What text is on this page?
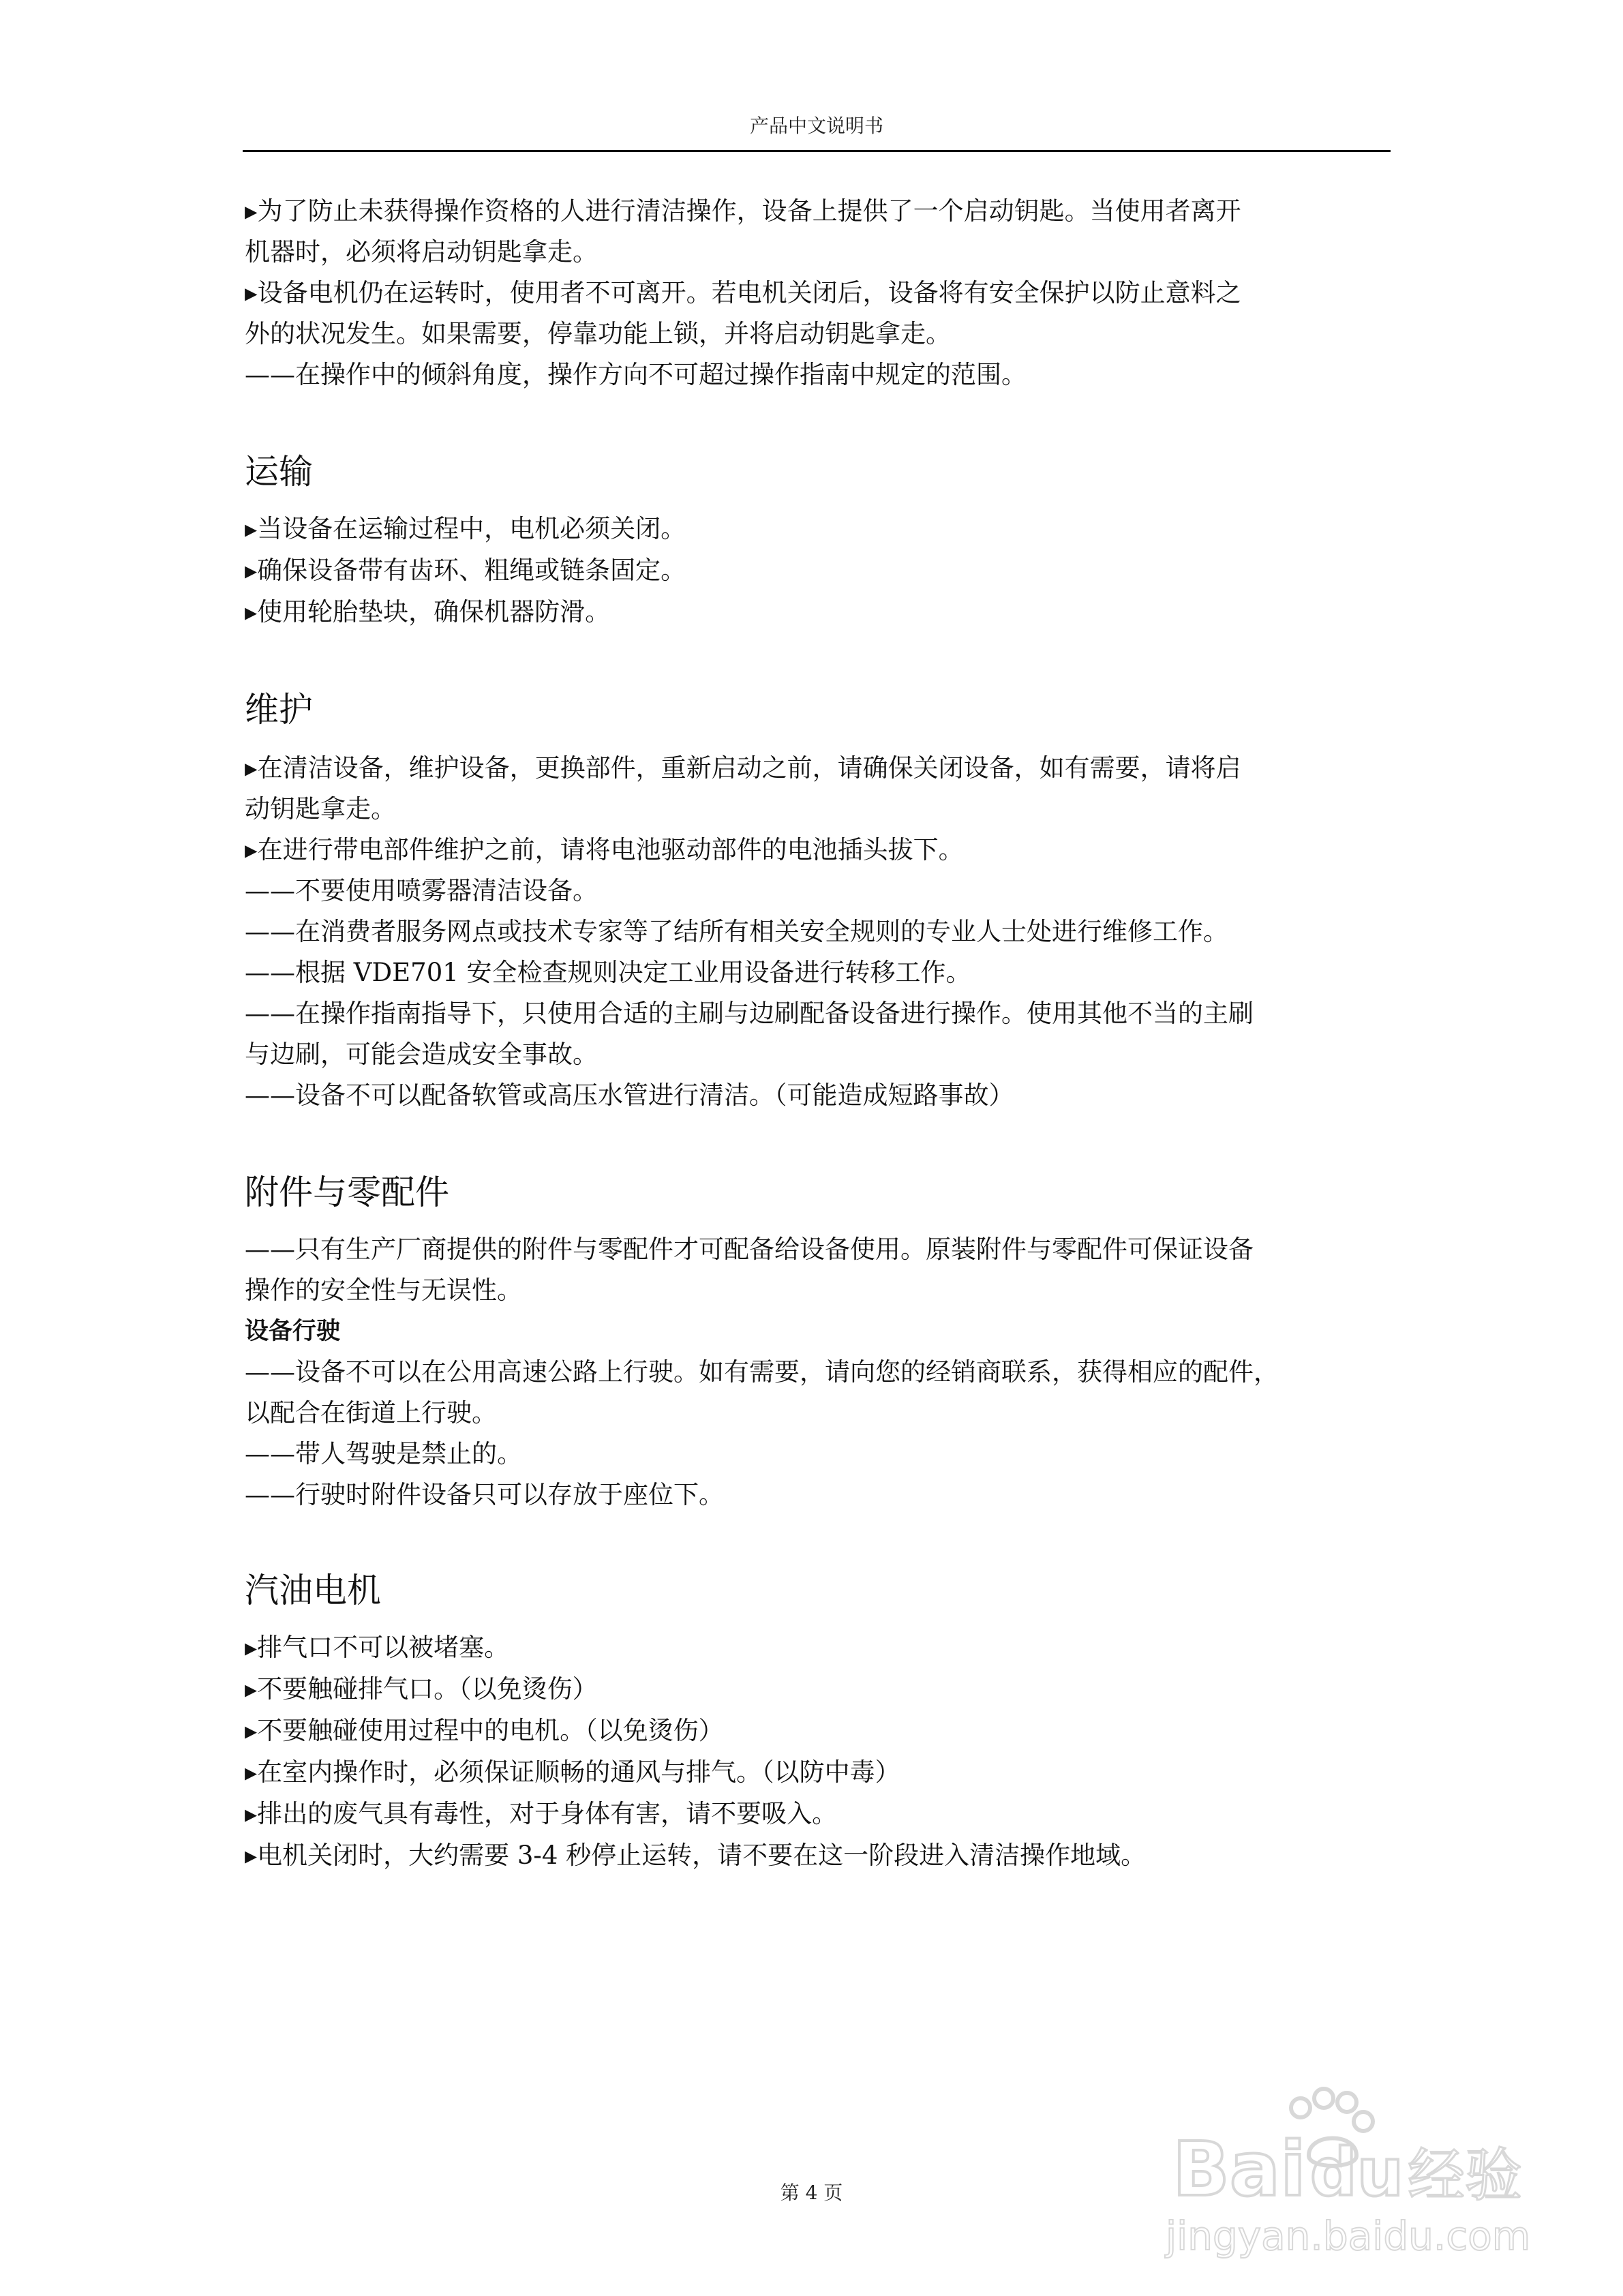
产品中文说明书

▸为了防止未获得操作资格的人进行清洁操作，设备上提供了一个启动钥匙。当使用者离开

机器时，必须将启动钥匙拿走。

▸设备电机仍在运转时，使用者不可离开。若电机关闭后，设备将有安全保护以防止意料之

外的状况发生。如果需要，停靠功能上锁，并将启动钥匙拿走。

——在操作中的倾斜角度，操作方向不可超过操作指南中规定的范围。

运输

▸ 当设备在运输过程中，电机必须关闭。

▸ 确保设备带有齿环、粗绳或链条固定。

▸ 使用轮胎垫块，确保机器防滑。

维护

▸在清洁设备，维护设备，更换部件，重新启动之前，请确保关闭设备，如有需要，请将启

动钥匙拿走。

▸在进行带电部件维护之前，请将电池驱动部件的电池插头拔下。

——不要使用喷雾器清洁设备。

——在消费者服务网点或技术专家等了结所有相关安全规则的专业人士处进行维修工作。

——根据 VDE701 安全检查规则决定工业用设备进行转移工作。

——在操作指南指导下，只使用合适的主刷与边刷配备设备进行操作。使用其他不当的主刷

与边刷，可能会造成安全事故。

——设备不可以配备软管或高压水管进行清洁。（可能造成短路事故）

附件与零配件

——只有生产厂商提供的附件与零配件才可配备给设备使用。原装附件与零配件可保证设备

操作的安全性与无误性。

设备行驶

——设备不可以在公用高速公路上行驶。如有需要，请向您的经销商联系，获得相应的配件，

以配合在街道上行驶。

——带人驾驶是禁止的。

——行驶时附件设备只可以存放于座位下。

汽油电机

▸ 排气口不可以被堵塞。

▸ 不要触碰排气口。（以免烫伤）

▸ 不要触碰使用过程中的电机。（以免烫伤）

▸ 在室内操作时，必须保证顺畅的通风与排气。（以防中毒）

▸ 排出的废气具有毒性，对于身体有害，请不要吸入。

▸ 电机关闭时，大约需要 3-4 秒停止运转，请不要在这一阶段进入清洁操作地域。

第 4 页	Bai du 经验
jingyan.baidu.com
